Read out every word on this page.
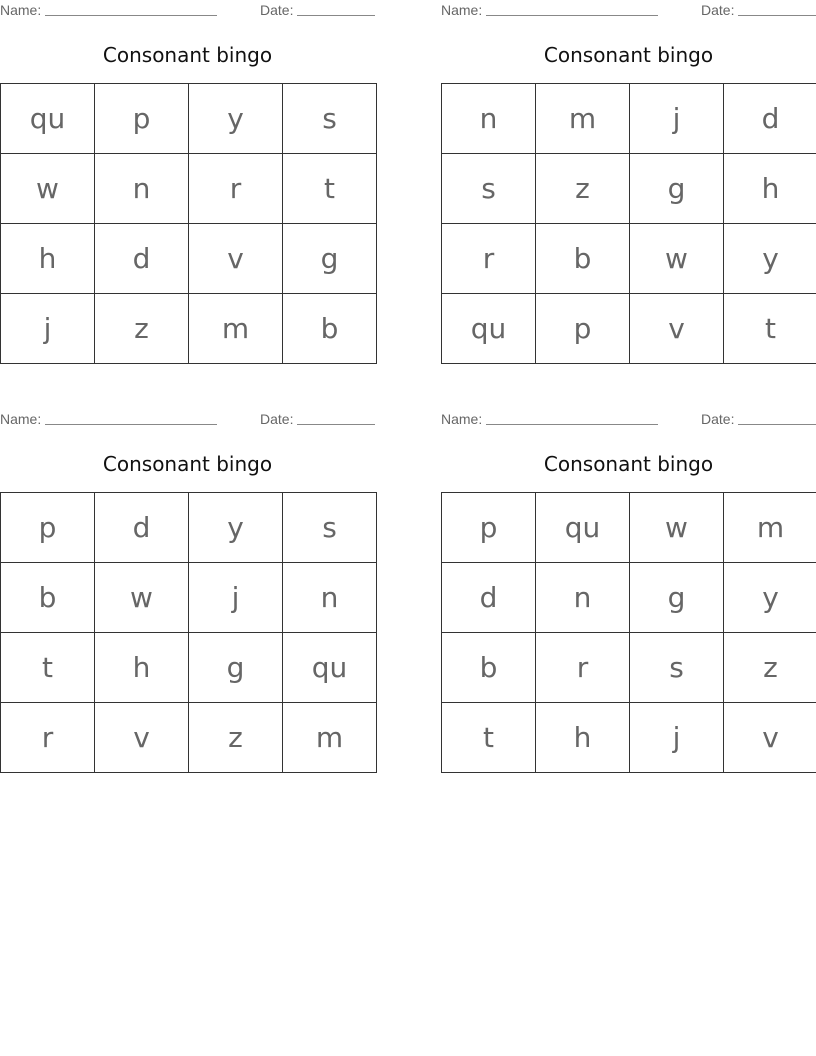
Name:	Date:
Consonant bingo
qu	p	y	s
w	n	r	t
h	d	v	g
j	z	m	b
Name:	Date:
Consonant bingo
n	m	j	d
s	z	g	h
r	b	w	y
qu	p	v	t
Name:	Date:
Consonant bingo
p	d	y	s
b	w	j	n
t	h	g	qu
r	v	z	m
Name:	Date:
Consonant bingo
p	qu	w	m
d	n	g	y
b	r	s	z
t	h	j	v
